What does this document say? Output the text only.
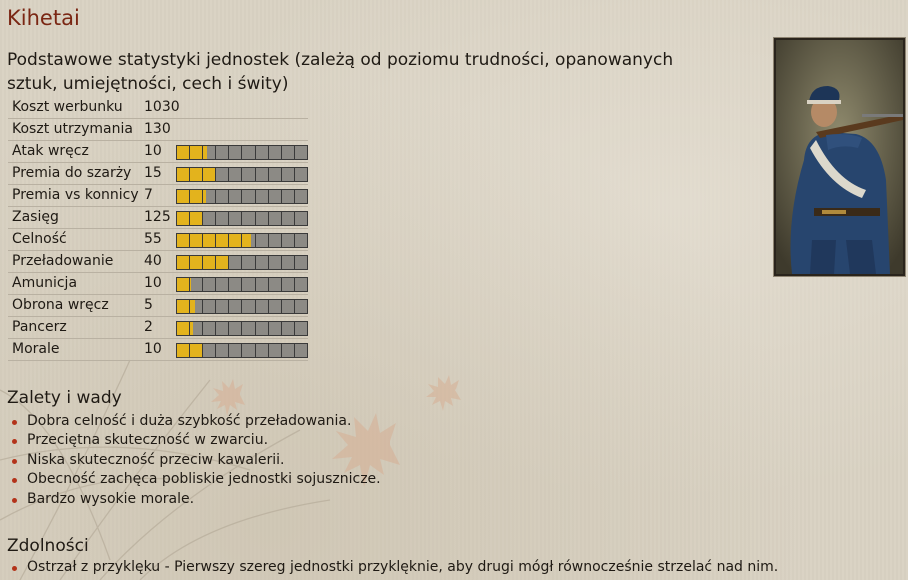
Kihetai
Podstawowe statystyki jednostek (zależą od poziomu trudności, opanowanych sztuk, umiejętności, cech i świty)
Koszt werbunku 1030
Koszt utrzymania 130
Atak wręcz	10
Premia do szarży 15
Premia vs konnicy 7
Zasięg	125
Celność	55
Przeładowanie 40
Amunicja	10
Obrona wręcz	5
Pancerz	2
Morale	10
Zalety i wady
Dobra celność i duża szybkość przeładowania.
Przeciętna skuteczność w zwarciu.
Niska skuteczność przeciw kawalerii.
Obecność zachęca pobliskie jednostki sojusznicze.
Bardzo wysokie morale.
Zdolności
Ostrzał z przyklęku - Pierwszy szereg jednostki przyklęknie, aby drugi mógł równocześnie strzelać nad nim.
